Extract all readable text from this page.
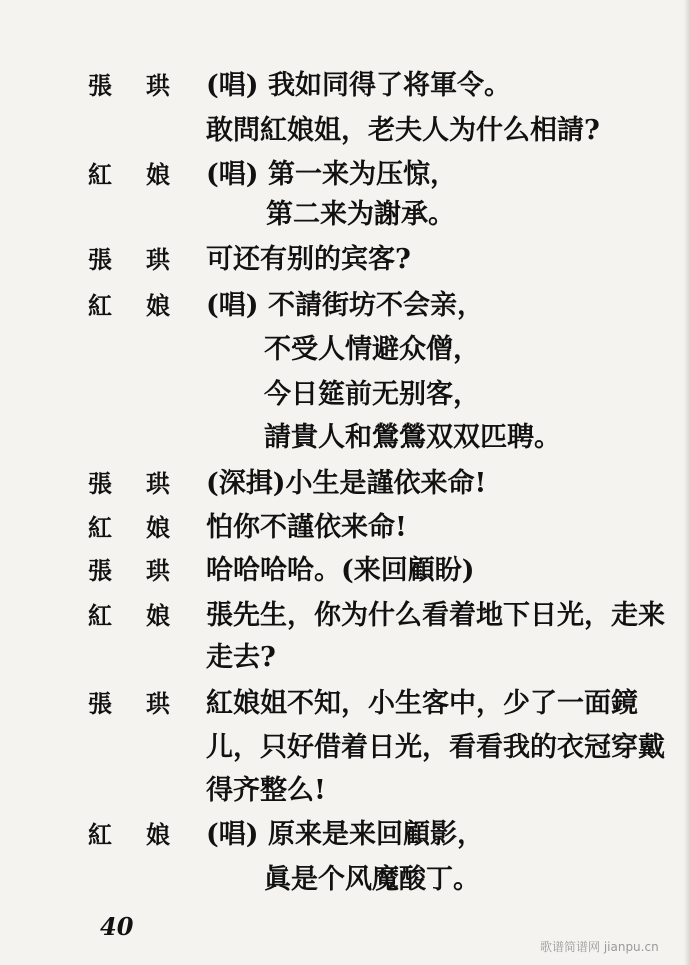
張 珙 (唱) 我如同得了将軍令。
敢問紅娘姐，老夫人为什么相請?
紅 娘 (唱) 第一来为压惊，
第二来为謝承。
張 珙 可还有别的宾客?
紅 娘 (唱) 不請街坊不会亲，
不受人情避众僧，
今日筵前无别客，
請貴人和鶯鶯双双匹聘。
張 珙 (深揖)小生是謹依来命!
紅 娘 怕你不謹依来命!
張 珙 哈哈哈哈。(来回顧盼)
紅 娘 張先生，你为什么看着地下日光，走来
走去?
張 珙 紅娘姐不知，小生客中，少了一面鏡
儿，只好借着日光，看看我的衣冠穿戴
得齐整么!
紅 娘 (唱) 原来是来回顧影，
眞是个风魔酸丁。
40
歌谱简谱网 jianpu.cn
